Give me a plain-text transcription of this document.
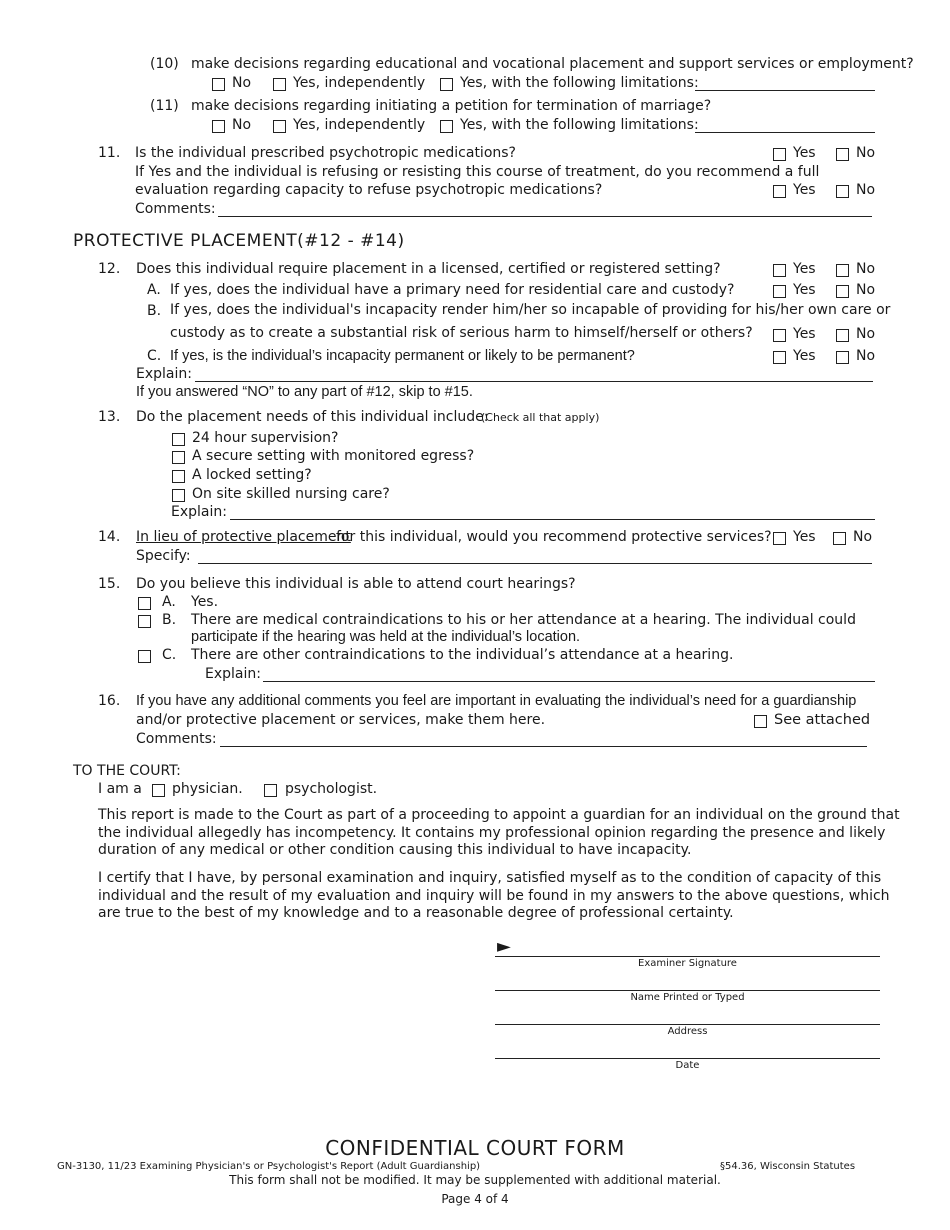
(10) make decisions regarding educational and vocational placement and support services or employment?
No	Yes, independently Yes, with the following limitations:
(11) make decisions regarding initiating a petition for termination of marriage?
No	Yes, independently Yes, with the following limitations:
11. Is the individual prescribed psychotropic medications?	Yes	No
If Yes and the individual is refusing or resisting this course of treatment, do you recommend a full
evaluation regarding capacity to refuse psychotropic medications?	Yes	No
Comments:
PROTECTIVE PLACEMENT(#12 - #14)
12. Does this individual require placement in a licensed, certified or registered setting?	Yes	No
A. If yes, does the individual have a primary need for residential care and custody?	Yes	No
B. If yes, does the individual's incapacity render him/her so incapable of providing for his/her own care or
custody as to create a substantial risk of serious harm to himself/herself or others?	Yes	No
C. If yes, is the individual’s incapacity permanent or likely to be permanent?	Yes	No
Explain:
If you answered “NO” to any part of #12, skip to #15.
13. Do the placement needs of this individual include:
(Check all that apply)
24 hour supervision?
A secure setting with monitored egress?
A locked setting?
On site skilled nursing care?
Explain:
14. In lieu of protective placement
for this individual, would you recommend protective services? Yes	No
Specify:
15. Do you believe this individual is able to attend court hearings?
A. Yes.
B. There are medical contraindications to his or her attendance at a hearing. The individual could
participate if the hearing was held at the individual’s location.
C. There are other contraindications to the individual’s attendance at a hearing.
Explain:
16. If you have any additional comments you feel are important in evaluating the individual’s need for a guardianship
and/or protective placement or services, make them here.	See attached
Comments:
TO THE COURT:
I am a physician.	psychologist.
This report is made to the Court as part of a proceeding to appoint a guardian for an individual on the ground that the individual allegedly has incompetency. It contains my professional opinion regarding the presence and likely duration of any medical or other condition causing this individual to have incapacity.
I certify that I have, by personal examination and inquiry, satisfied myself as to the condition of capacity of this individual and the result of my evaluation and inquiry will be found in my answers to the above questions, which are true to the best of my knowledge and to a reasonable degree of professional certainty.
►
Examiner Signature
Name Printed or Typed
Address
Date
CONFIDENTIAL COURT FORM
GN-3130, 11/23 Examining Physician's or Psychologist's Report (Adult Guardianship)	§54.36, Wisconsin Statutes
This form shall not be modified. It may be supplemented with additional material.
Page 4 of 4
